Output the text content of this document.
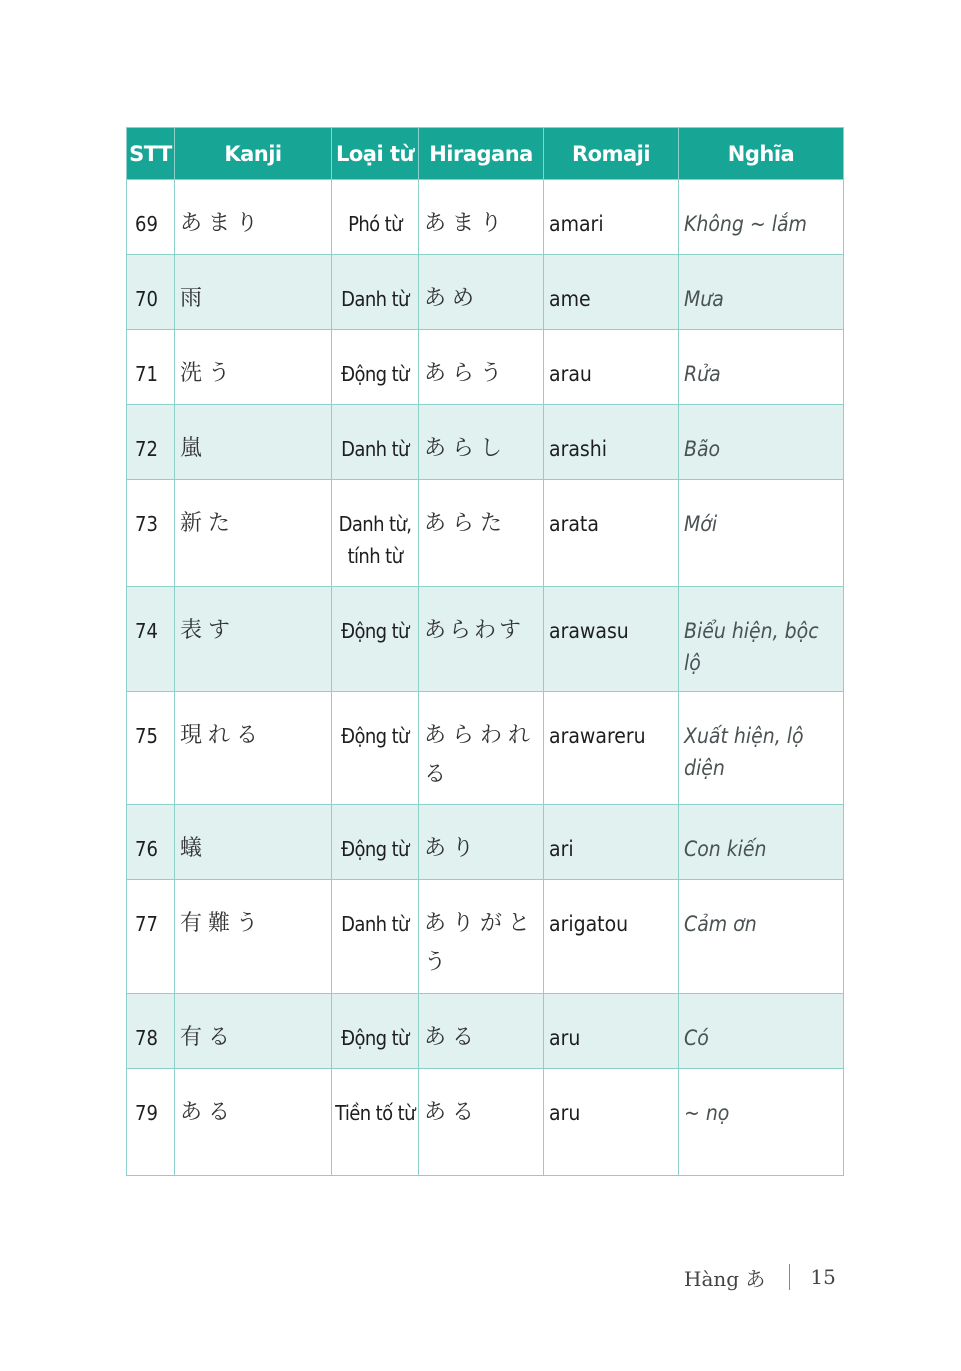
STT	Kanji	Loại từ	Hiragana	Romaji	Nghĩa
69	あまり	Phó từ	あまり	amari	Không ~ lắm
70	雨	Danh từ	あめ	ame	Mưa
71	洗う	Động từ	あらう	arau	Rửa
72	嵐	Danh từ	あらし	arashi	Bão
73	新た	Danh từ, tính từ	あらた	arata	Mới
74	表す	Động từ	あらわす	arawasu	Biểu hiện, bộc lộ
75	現れる	Động từ	あらわれる	arawareru	Xuất hiện, lộ diện
76	蟻	Động từ	あり	ari	Con kiến
77	有難う	Danh từ	ありがとう	arigatou	Cảm ơn
78	有る	Động từ	ある	aru	Có
79	ある	Tiền tố từ	ある	aru	~ nọ
Hàng あ 15
